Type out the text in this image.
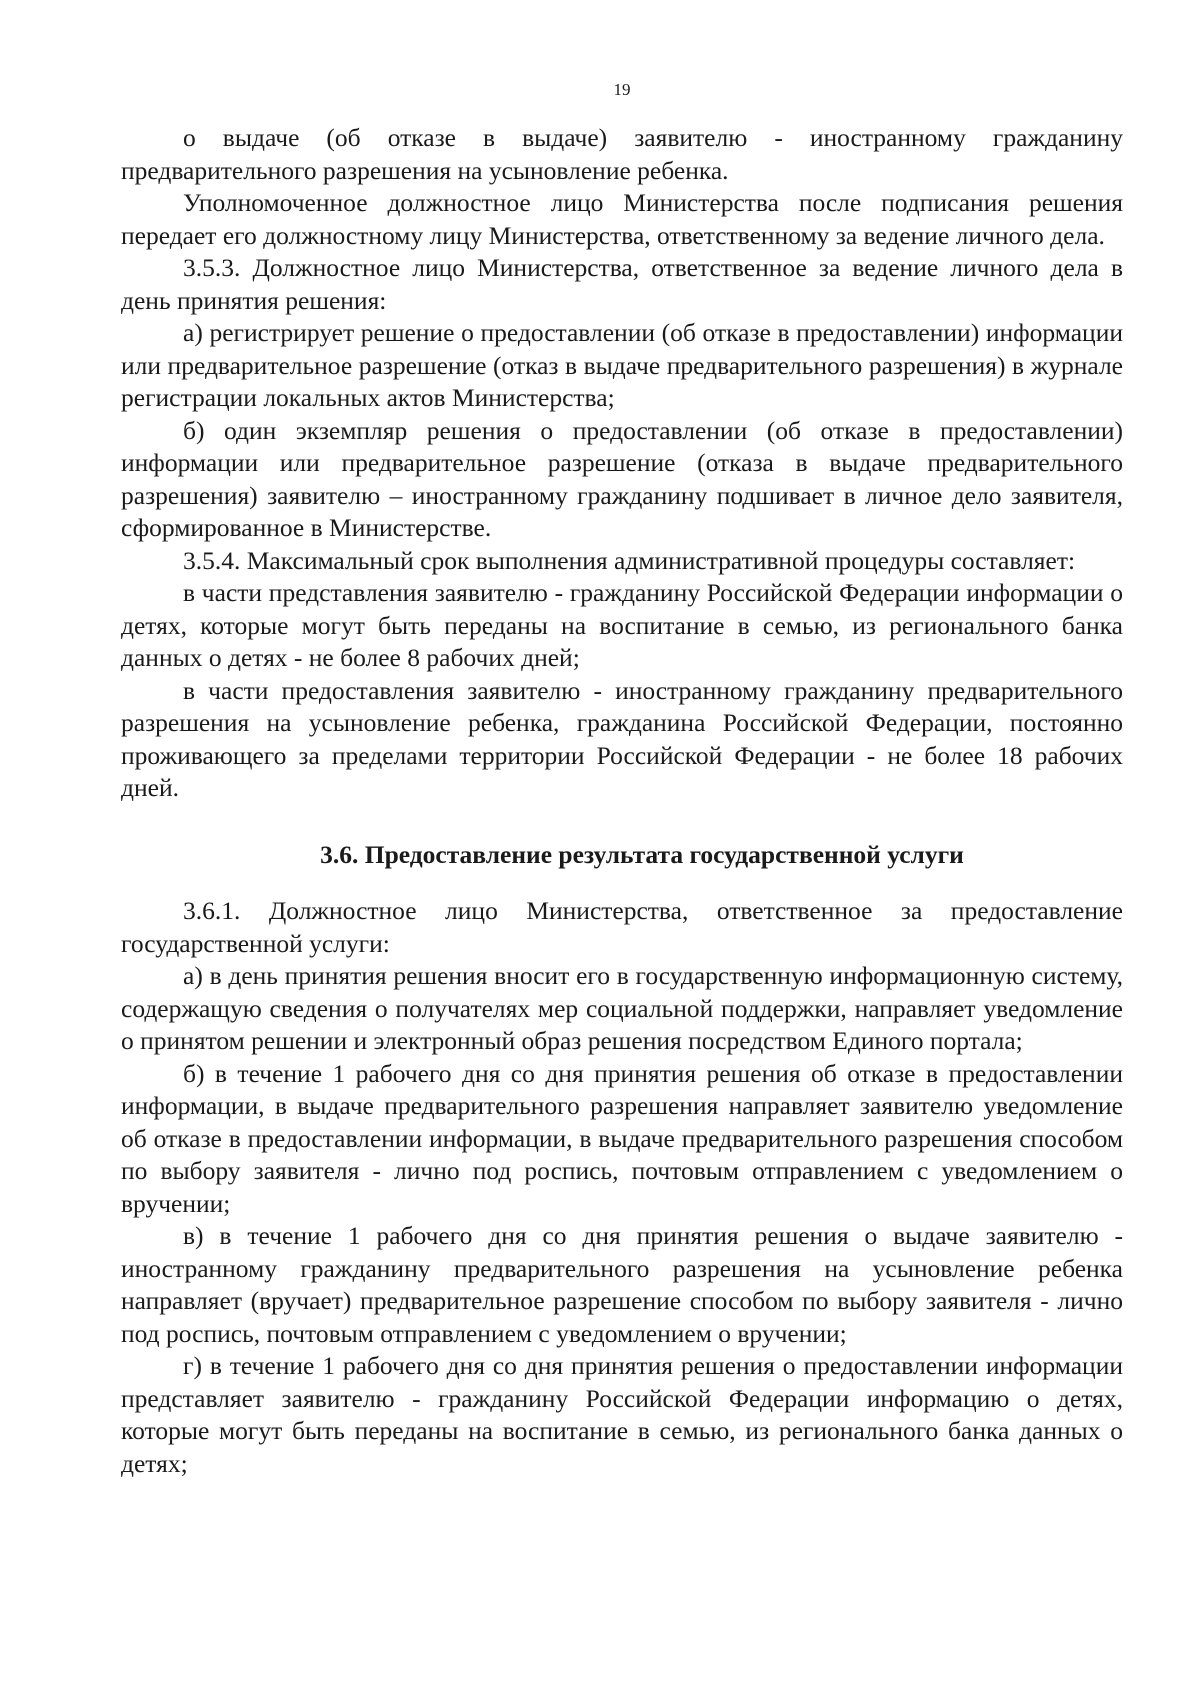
19

о выдаче (об отказе в выдаче) заявителю - иностранному гражданину предварительного разрешения на усыновление ребенка.

Уполномоченное должностное лицо Министерства после подписания решения передает его должностному лицу Министерства, ответственному за ведение личного дела.

3.5.3. Должностное лицо Министерства, ответственное за ведение личного дела в день принятия решения:

а) регистрирует решение о предоставлении (об отказе в предоставлении) информации или предварительное разрешение (отказ в выдаче предварительного разрешения) в журнале регистрации локальных актов Министерства;

б) один экземпляр решения о предоставлении (об отказе в предоставлении) информации или предварительное разрешение (отказа в выдаче предварительного разрешения) заявителю – иностранному гражданину подшивает в личное дело заявителя, сформированное в Министерстве.

3.5.4. Максимальный срок выполнения административной процедуры составляет:

в части представления заявителю - гражданину Российской Федерации информации о детях, которые могут быть переданы на воспитание в семью, из регионального банка данных о детях - не более 8 рабочих дней;

в части предоставления заявителю - иностранному гражданину предварительного разрешения на усыновление ребенка, гражданина Российской Федерации, постоянно проживающего за пределами территории Российской Федерации - не более 18 рабочих дней.

3.6. Предоставление результата государственной услуги

3.6.1. Должностное лицо Министерства, ответственное за предоставление государственной услуги:

а) в день принятия решения вносит его в государственную информационную систему, содержащую сведения о получателях мер социальной поддержки, направляет уведомление о принятом решении и электронный образ решения посредством Единого портала;

б) в течение 1 рабочего дня со дня принятия решения об отказе в предоставлении информации, в выдаче предварительного разрешения направляет заявителю уведомление об отказе в предоставлении информации, в выдаче предварительного разрешения способом по выбору заявителя - лично под роспись, почтовым отправлением с уведомлением о вручении;

в) в течение 1 рабочего дня со дня принятия решения о выдаче заявителю - иностранному гражданину предварительного разрешения на усыновление ребенка направляет (вручает) предварительное разрешение способом по выбору заявителя - лично под роспись, почтовым отправлением с уведомлением о вручении;

г) в течение 1 рабочего дня со дня принятия решения о предоставлении информации представляет заявителю - гражданину Российской Федерации информацию о детях, которые могут быть переданы на воспитание в семью, из регионального банка данных о детях;
